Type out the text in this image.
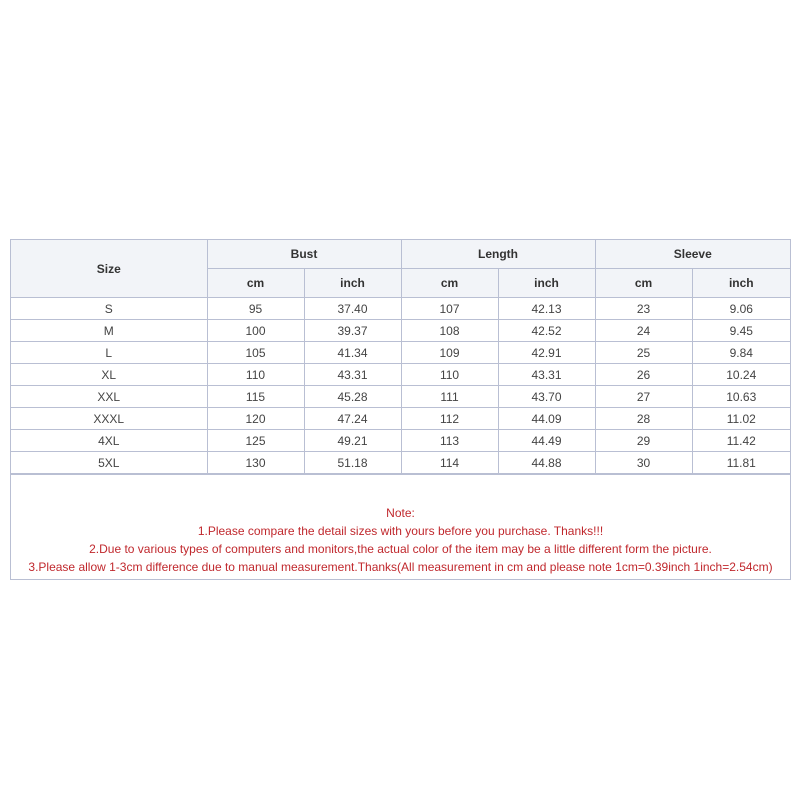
Size	Bust		Length		Sleeve	
	cm	inch	cm	inch	cm	inch
S	95	37.40	107	42.13	23	9.06
M	100	39.37	108	42.52	24	9.45
L	105	41.34	109	42.91	25	9.84
XL	110	43.31	110	43.31	26	10.24
XXL	115	45.28	111	43.70	27	10.63
XXXL	120	47.24	112	44.09	28	11.02
4XL	125	49.21	113	44.49	29	11.42
5XL	130	51.18	114	44.88	30	11.81
Note:
1.Please compare the detail sizes with yours before you purchase. Thanks!!!
2.Due to various types of computers and monitors,the actual color of the item may be a little different form the picture.
3.Please allow 1-3cm difference due to manual measurement.Thanks(All measurement in cm and please note 1cm=0.39inch 1inch=2.54cm)
